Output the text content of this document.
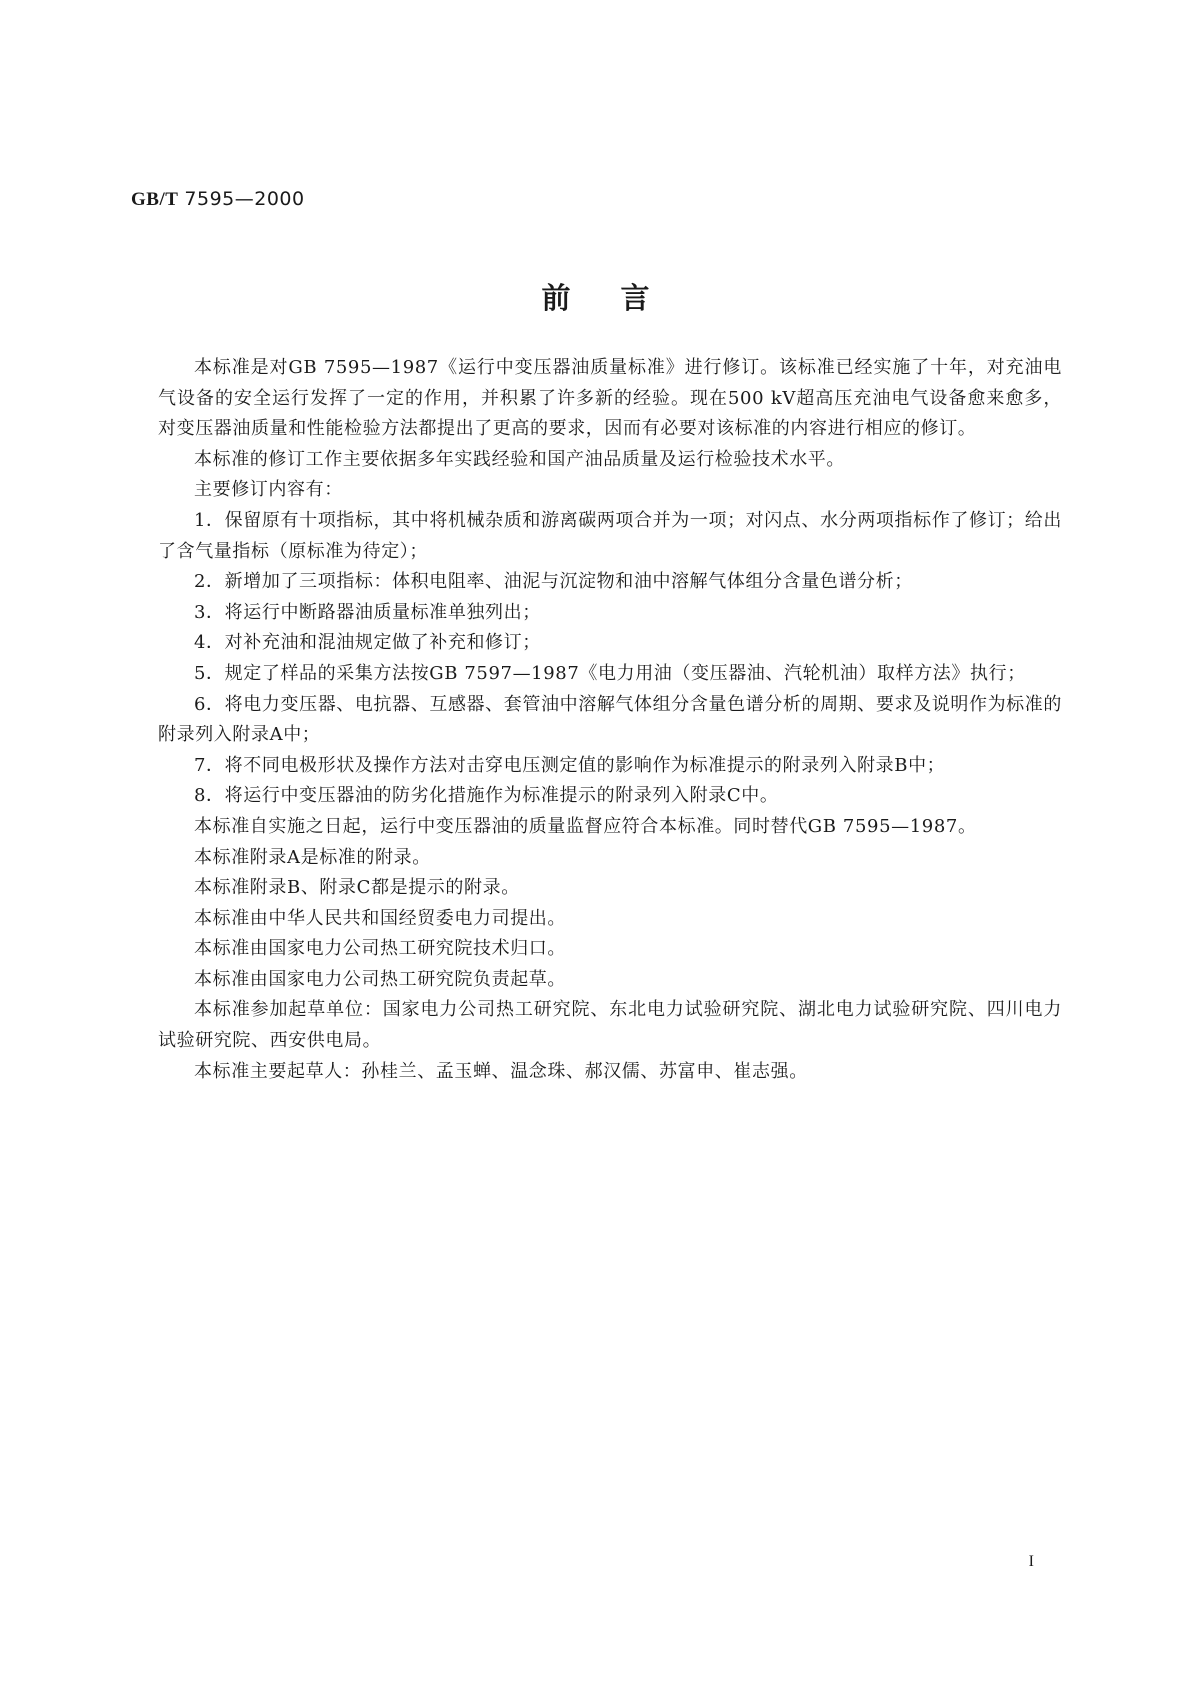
GB/T 7595—2000
前言

本标准是对GB 7595—1987《运行中变压器油质量标准》进行修订。该标准已经实施了十年，对充油电气设备的安全运行发挥了一定的作用，并积累了许多新的经验。现在500 kV超高压充油电气设备愈来愈多，对变压器油质量和性能检验方法都提出了更高的要求，因而有必要对该标准的内容进行相应的修订。

本标准的修订工作主要依据多年实践经验和国产油品质量及运行检验技术水平。

主要修订内容有：

1．保留原有十项指标，其中将机械杂质和游离碳两项合并为一项；对闪点、水分两项指标作了修订；给出了含气量指标（原标准为待定）；

2．新增加了三项指标：体积电阻率、油泥与沉淀物和油中溶解气体组分含量色谱分析；

3．将运行中断路器油质量标准单独列出；

4．对补充油和混油规定做了补充和修订；

5．规定了样品的采集方法按GB 7597—1987《电力用油（变压器油、汽轮机油）取样方法》执行；

6．将电力变压器、电抗器、互感器、套管油中溶解气体组分含量色谱分析的周期、要求及说明作为标准的附录列入附录A中；

7．将不同电极形状及操作方法对击穿电压测定值的影响作为标准提示的附录列入附录B中；

8．将运行中变压器油的防劣化措施作为标准提示的附录列入附录C中。

本标准自实施之日起，运行中变压器油的质量监督应符合本标准。同时替代GB 7595—1987。

本标准附录A是标准的附录。

本标准附录B、附录C都是提示的附录。

本标准由中华人民共和国经贸委电力司提出。

本标准由国家电力公司热工研究院技术归口。

本标准由国家电力公司热工研究院负责起草。

本标准参加起草单位：国家电力公司热工研究院、东北电力试验研究院、湖北电力试验研究院、四川电力试验研究院、西安供电局。

本标准主要起草人：孙桂兰、孟玉蝉、温念珠、郝汉儒、苏富申、崔志强。

I
